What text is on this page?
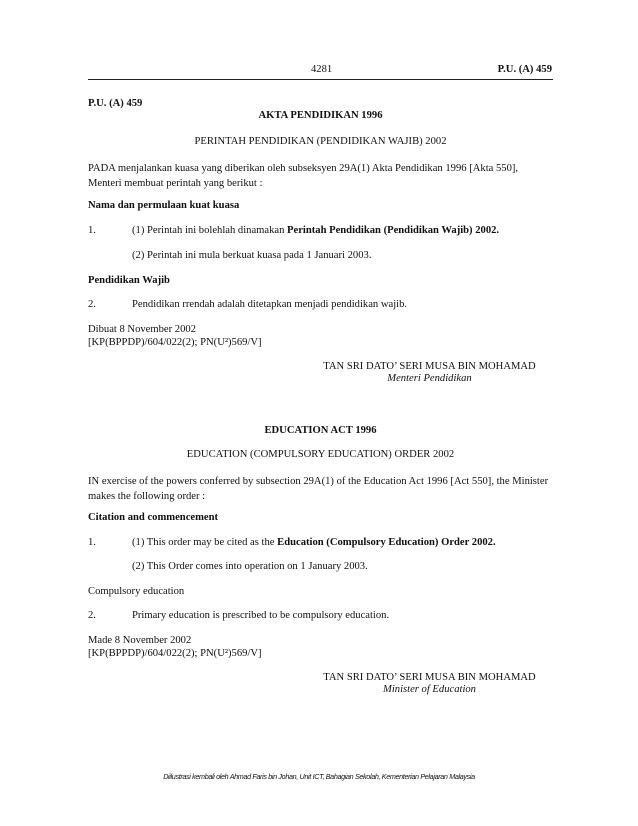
4281	P.U. (A) 459
P.U. (A) 459
AKTA PENDIDIKAN 1996
PERINTAH PENDIDIKAN (PENDIDIKAN WAJIB) 2002
PADA menjalankan kuasa yang diberikan oleh subseksyen 29A(1) Akta Pendidikan 1996 [Akta 550], Menteri membuat perintah yang berikut :
Nama dan permulaan kuat kuasa
1.	(1) Perintah ini bolehlah dinamakan Perintah Pendidikan (Pendidikan Wajib) 2002.
(2) Perintah ini mula berkuat kuasa pada 1 Januari 2003.
Pendidikan Wajib
2.	Pendidikan rrendah adalah ditetapkan menjadi pendidikan wajib.
Dibuat 8 November 2002
[KP(BPPDP)/604/022(2); PN(U²)569/V]
TAN SRI DATO’ SERI MUSA BIN MOHAMAD
Menteri Pendidikan
EDUCATION ACT 1996
EDUCATION (COMPULSORY EDUCATION) ORDER 2002
IN exercise of the powers conferred by subsection 29A(1) of the Education Act 1996 [Act 550], the Minister makes the following order :
Citation and commencement
1.	(1) This order may be cited as the Education (Compulsory Education) Order 2002.
(2) This Order comes into operation on 1 January 2003.
Compulsory education
2.	Primary education is prescribed to be compulsory education.
Made 8 November 2002
[KP(BPPDP)/604/022(2); PN(U²)569/V]
TAN SRI DATO’ SERI MUSA BIN MOHAMAD
Minister of Education
Diilustrasi kembali oleh Ahmad Faris bin Johan, Unit ICT, Bahagian Sekolah, Kementerian Pelajaran Malaysia
